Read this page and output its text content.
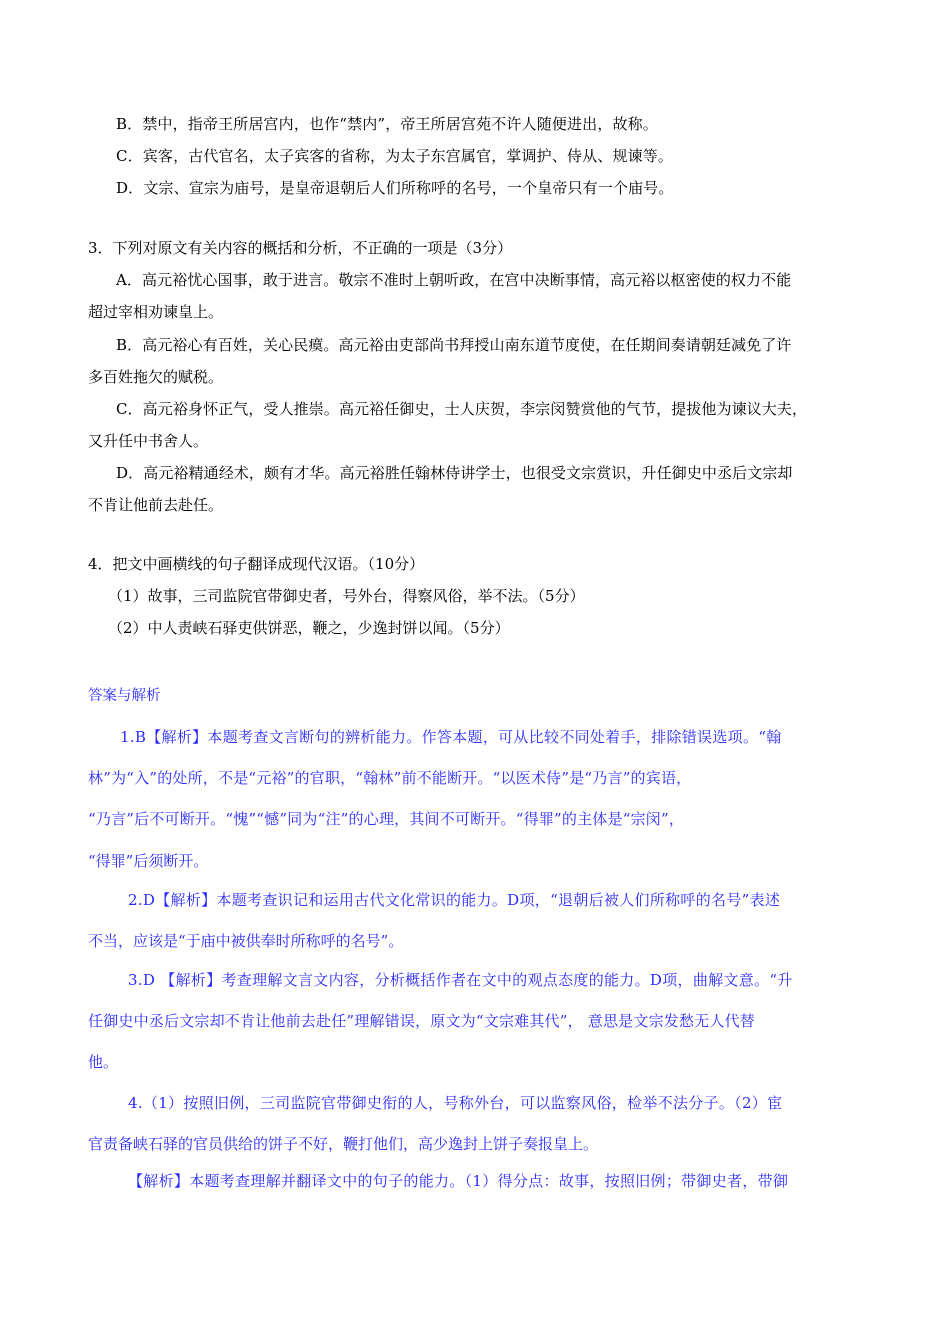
B．禁中，指帝王所居宫内，也作“禁内”，帝王所居宫苑不许人随便进出，故称。
C．宾客，古代官名，太子宾客的省称，为太子东宫属官，掌调护、侍从、规谏等。
D．文宗、宣宗为庙号，是皇帝退朝后人们所称呼的名号，一个皇帝只有一个庙号。
3．下列对原文有关内容的概括和分析，不正确的一项是（3分）
A．高元裕忧心国事，敢于进言。敬宗不准时上朝听政，在宫中决断事情，高元裕以枢密使的权力不能
超过宰相劝谏皇上。
B．高元裕心有百姓，关心民瘼。高元裕由吏部尚书拜授山南东道节度使，在任期间奏请朝廷减免了许
多百姓拖欠的赋税。
C．高元裕身怀正气，受人推崇。高元裕任御史，士人庆贺，李宗闵赞赏他的气节，提拔他为谏议大夫，
又升任中书舍人。
D．高元裕精通经术，颇有才华。高元裕胜任翰林侍讲学士，也很受文宗赏识，升任御史中丞后文宗却
不肯让他前去赴任。
4．把文中画横线的句子翻译成现代汉语。（10分）
（1）故事，三司监院官带御史者，号外台，得察风俗，举不法。（5分）
（2）中人责峡石驿吏供饼恶，鞭之，少逸封饼以闻。（5分）
答案与解析
1.B【解析】本题考查文言断句的辨析能力。作答本题，可从比较不同处着手，排除错误选项。“翰
林”为“入”的处所，不是“元裕”的官职，“翰林”前不能断开。“以医术侍”是“乃言”的宾语，
“乃言”后不可断开。“愧”“憾”同为“注”的心理，其间不可断开。“得罪”的主体是“宗闵”，
“得罪”后须断开。
2.D【解析】本题考查识记和运用古代文化常识的能力。D项，“退朝后被人们所称呼的名号”表述
不当，应该是“于庙中被供奉时所称呼的名号”。
3.D 【解析】考查理解文言文内容，分析概括作者在文中的观点态度的能力。D项，曲解文意。“升
任御史中丞后文宗却不肯让他前去赴任”理解错误，原文为“文宗难其代”， 意思是文宗发愁无人代替
他。
4.（1）按照旧例，三司监院官带御史衔的人，号称外台，可以监察风俗，检举不法分子。（2）宦
官责备峡石驿的官员供给的饼子不好，鞭打他们，高少逸封上饼子奏报皇上。
【解析】本题考查理解并翻译文中的句子的能力。（1）得分点：故事，按照旧例；带御史者，带御
